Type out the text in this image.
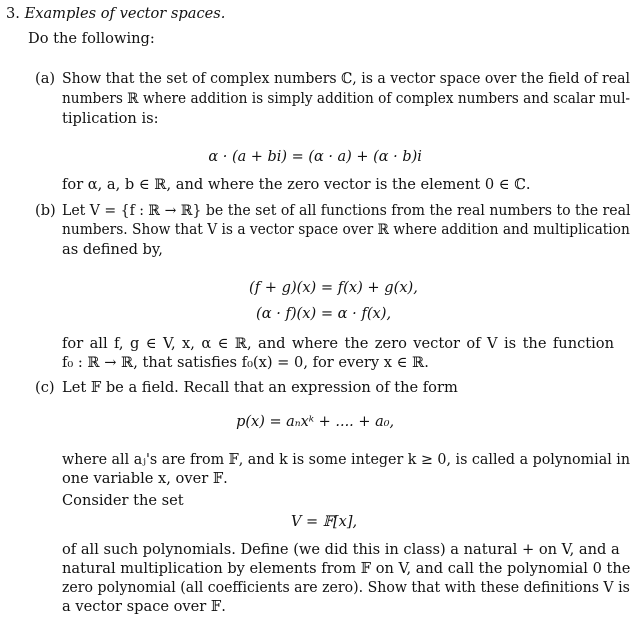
3. Examples of vector spaces.
Do the following:
(a) Show that the set of complex numbers ℂ, is a vector space over the field of real
numbers ℝ where addition is simply addition of complex numbers and scalar mul-
tiplication is:
α · (a + bi) = (α · a) + (α · b)i
for α, a, b ∈ ℝ, and where the zero vector is the element 0 ∈ ℂ.
(b) Let V = {f : ℝ → ℝ} be the set of all functions from the real numbers to the real
numbers. Show that V is a vector space over ℝ where addition and multiplication
as defined by,
(f + g)(x) = f(x) + g(x),
(α · f)(x) = α · f(x),
for all f, g ∈ V, x, α ∈ ℝ, and where the zero vector of V is the function
f₀ : ℝ → ℝ, that satisfies f₀(x) = 0, for every x ∈ ℝ.
(c) Let 𝔽 be a field. Recall that an expression of the form
p(x) = aₙxᵏ + .... + a₀,
where all aⱼ's are from 𝔽, and k is some integer k ≥ 0, is called a polynomial in
one variable x, over 𝔽.
Consider the set
V = 𝔽[x],
of all such polynomials. Define (we did this in class) a natural + on V, and a
natural multiplication by elements from 𝔽 on V, and call the polynomial 0 the
zero polynomial (all coefficients are zero). Show that with these definitions V is
a vector space over 𝔽.
